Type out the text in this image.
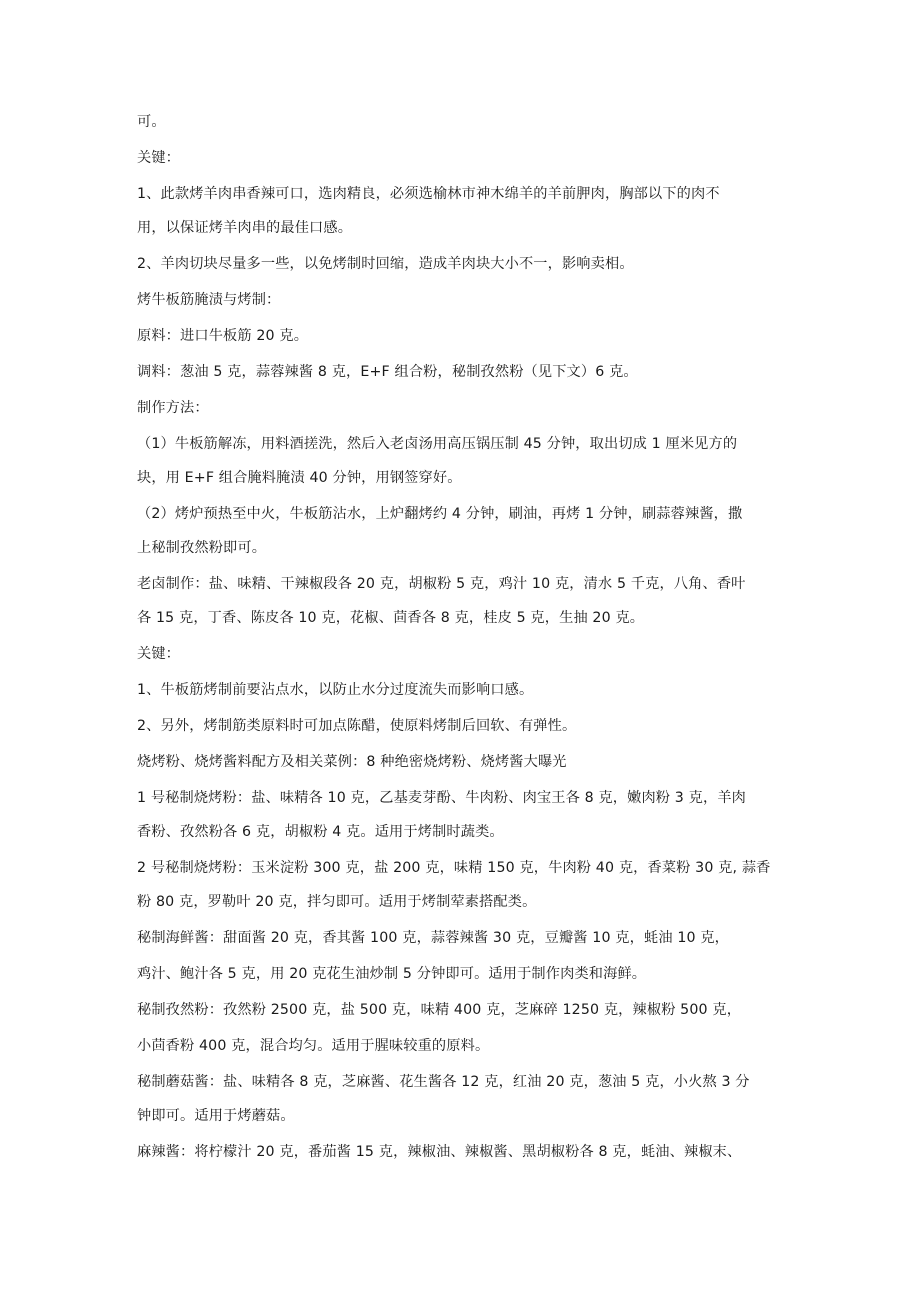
可。
关键：
1、此款烤羊肉串香辣可口，选肉精良，必须选榆林市神木绵羊的羊前胛肉，胸部以下的肉不
用，以保证烤羊肉串的最佳口感。
2、羊肉切块尽量多一些，以免烤制时回缩，造成羊肉块大小不一，影响卖相。
烤牛板筋腌渍与烤制：
原料：进口牛板筋 20 克。
调料：葱油 5 克，蒜蓉辣酱 8 克，E+F 组合粉，秘制孜然粉（见下文）6 克。
制作方法：
（1）牛板筋解冻，用料酒搓洗，然后入老卤汤用高压锅压制 45 分钟，取出切成 1 厘米见方的
块，用 E+F 组合腌料腌渍 40 分钟，用钢签穿好。
（2）烤炉预热至中火，牛板筋沾水，上炉翻烤约 4 分钟，刷油，再烤 1 分钟，刷蒜蓉辣酱，撒
上秘制孜然粉即可。
老卤制作：盐、味精、干辣椒段各 20 克，胡椒粉 5 克，鸡汁 10 克，清水 5 千克，八角、香叶
各 15 克，丁香、陈皮各 10 克，花椒、茴香各 8 克，桂皮 5 克，生抽 20 克。
关键：
1、牛板筋烤制前要沾点水，以防止水分过度流失而影响口感。
2、另外，烤制筋类原料时可加点陈醋，使原料烤制后回软、有弹性。
烧烤粉、烧烤酱料配方及相关菜例：8 种绝密烧烤粉、烧烤酱大曝光
1 号秘制烧烤粉：盐、味精各 10 克，乙基麦芽酚、牛肉粉、肉宝王各 8 克，嫩肉粉 3 克，羊肉
香粉、孜然粉各 6 克，胡椒粉 4 克。适用于烤制时蔬类。
2 号秘制烧烤粉：玉米淀粉 300 克，盐 200 克，味精 150 克，牛肉粉 40 克，香菜粉 30 克, 蒜香
粉 80 克，罗勒叶 20 克，拌匀即可。适用于烤制荤素搭配类。
秘制海鲜酱：甜面酱 20 克，香其酱 100 克，蒜蓉辣酱 30 克，豆瓣酱 10 克，蚝油 10 克，
鸡汁、鲍汁各 5 克，用 20 克花生油炒制 5 分钟即可。适用于制作肉类和海鲜。
秘制孜然粉：孜然粉 2500 克，盐 500 克，味精 400 克，芝麻碎 1250 克，辣椒粉 500 克，
小茴香粉 400 克，混合均匀。适用于腥味较重的原料。
秘制蘑菇酱：盐、味精各 8 克，芝麻酱、花生酱各 12 克，红油 20 克，葱油 5 克，小火熬 3 分
钟即可。适用于烤蘑菇。
麻辣酱：将柠檬汁 20 克，番茄酱 15 克，辣椒油、辣椒酱、黑胡椒粉各 8 克，蚝油、辣椒末、
